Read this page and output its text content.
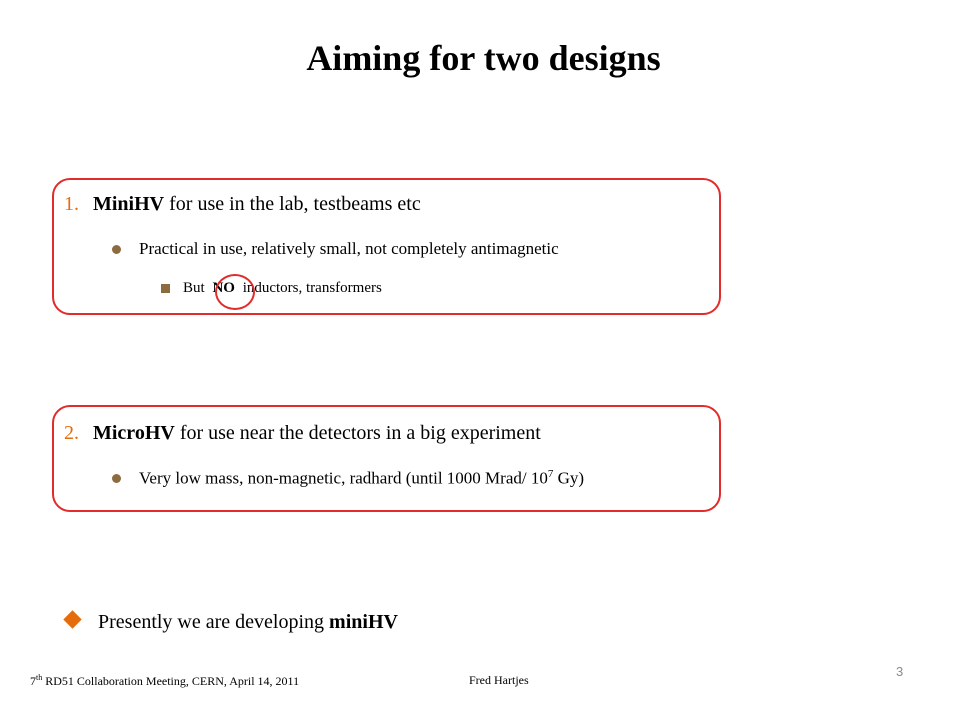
Aiming for two designs
1. MiniHV for use in the lab, testbeams etc
Practical in use, relatively small, not completely antimagnetic
But NO inductors, transformers
2. MicroHV for use near the detectors in a big experiment
Very low mass, non-magnetic, radhard (until 1000 Mrad/ $10^7$ Gy)
Presently we are developing miniHV
7th RD51 Collaboration Meeting, CERN, April 14, 2011	Fred Hartjes
3
